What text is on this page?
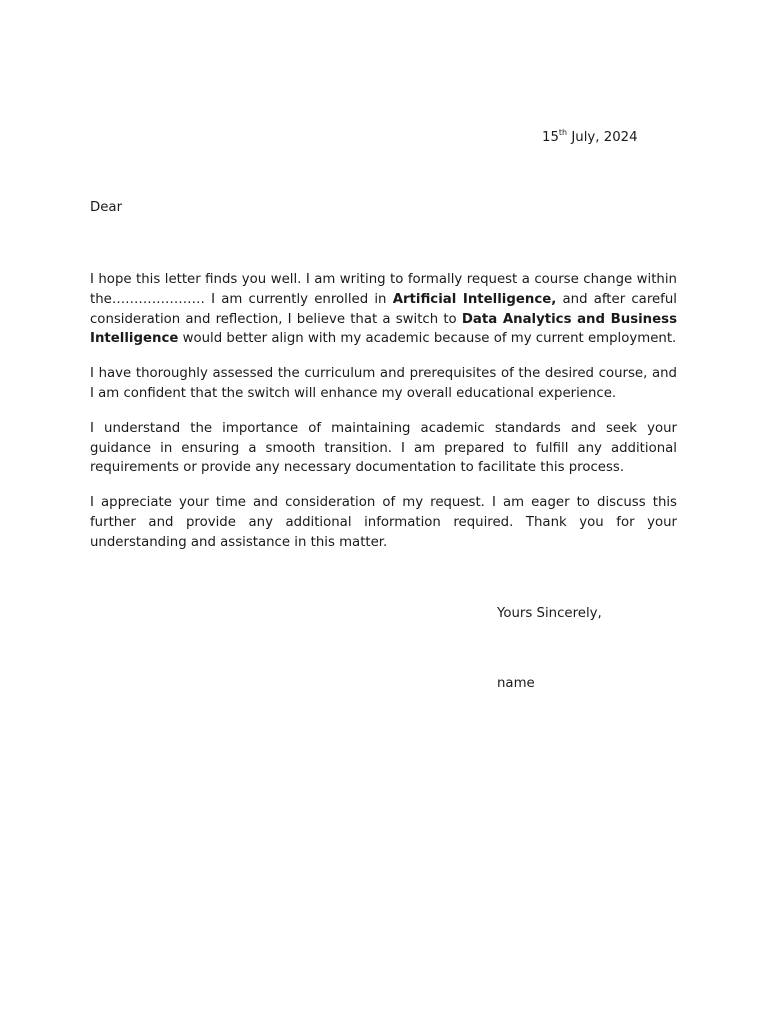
15th July, 2024
Dear

I hope this letter finds you well. I am writing to formally request a course change within the………………… I am currently enrolled in Artificial Intelligence, and after careful consideration and reflection, I believe that a switch to Data Analytics and Business Intelligence would better align with my academic because of my current employment.

I have thoroughly assessed the curriculum and prerequisites of the desired course, and I am confident that the switch will enhance my overall educational experience.

I understand the importance of maintaining academic standards and seek your guidance in ensuring a smooth transition. I am prepared to fulfill any additional requirements or provide any necessary documentation to facilitate this process.

I appreciate your time and consideration of my request. I am eager to discuss this further and provide any additional information required. Thank you for your understanding and assistance in this matter.

Yours Sincerely,
name
